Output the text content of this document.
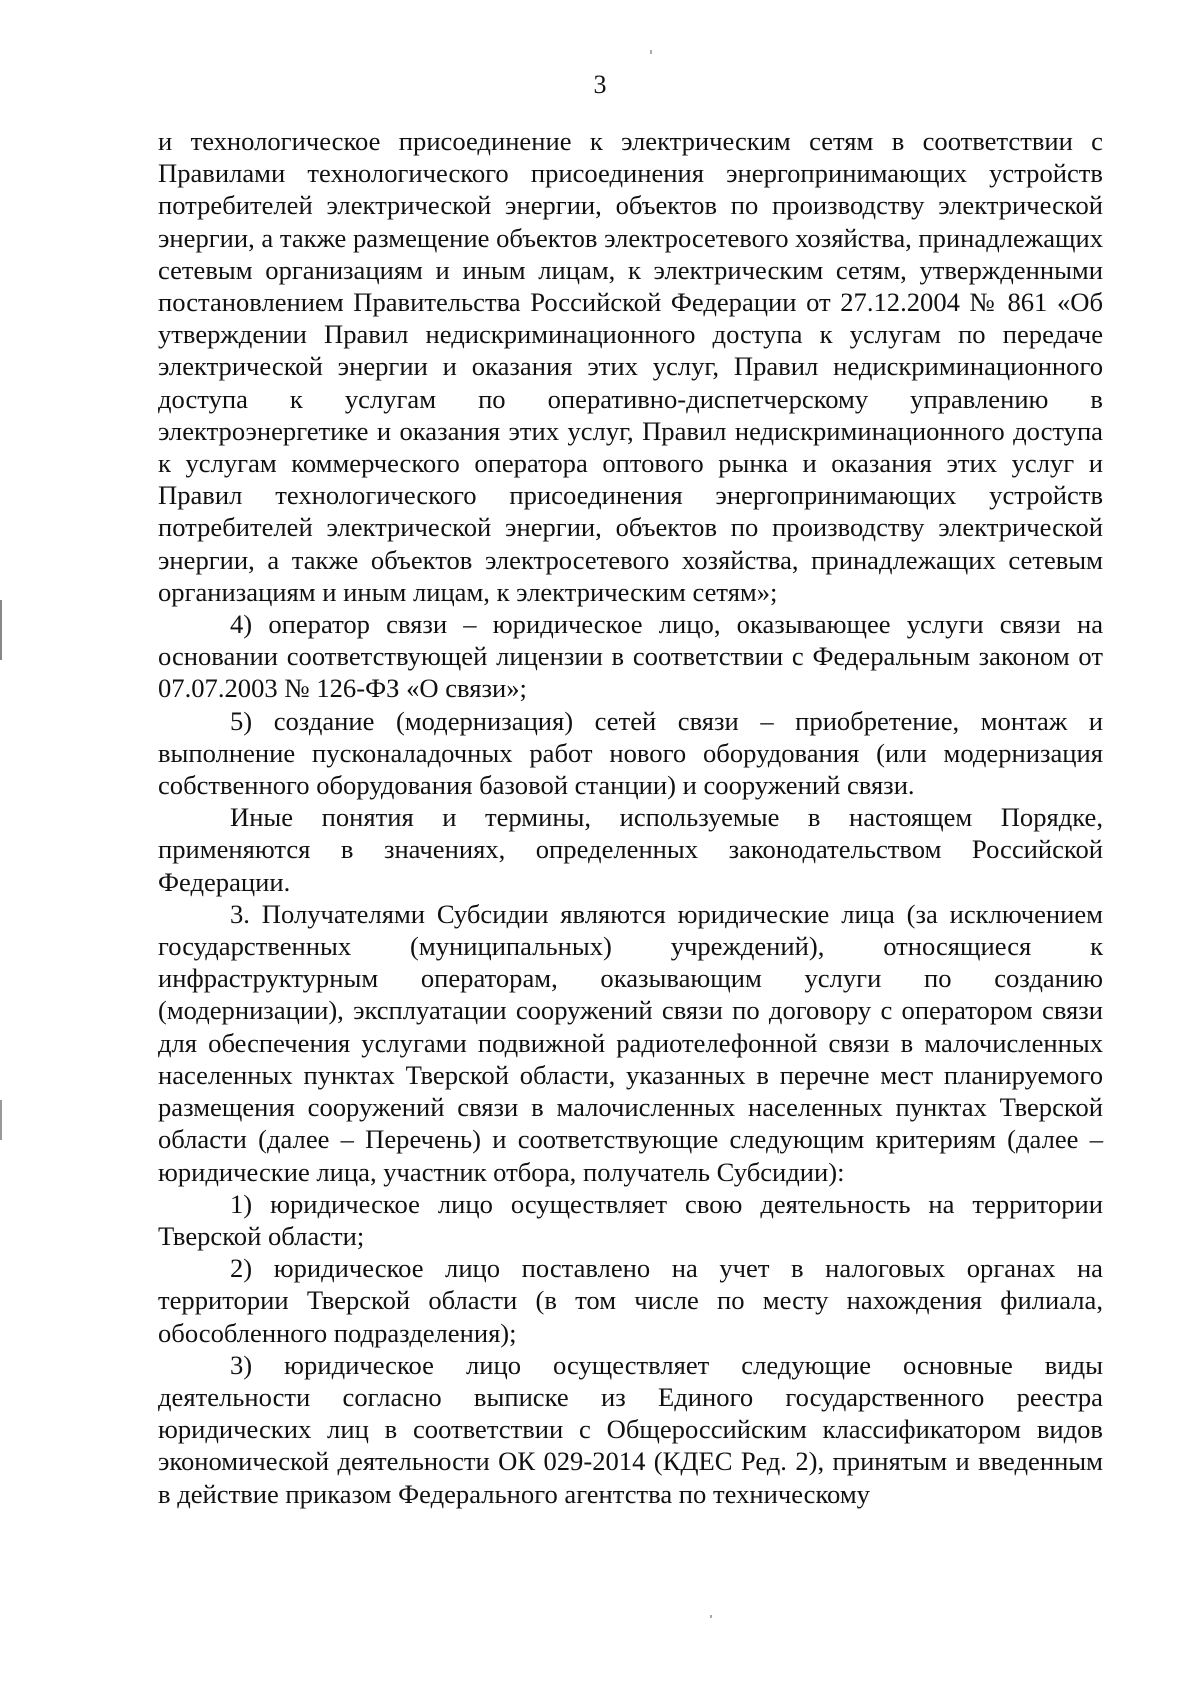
3

и технологическое присоединение к электрическим сетям в соответствии с Правилами технологического присоединения энергопринимающих устройств потребителей электрической энергии, объектов по производству электрической энергии, а также размещение объектов электросетевого хозяйства, принадлежащих сетевым организациям и иным лицам, к электрическим сетям, утвержденными постановлением Правительства Российской Федерации от 27.12.2004 № 861 «Об утверждении Правил недискриминационного доступа к услугам по передаче электрической энергии и оказания этих услуг, Правил недискриминационного доступа к услугам по оперативно-диспетчерскому управлению в электроэнергетике и оказания этих услуг, Правил недискриминационного доступа к услугам коммерческого оператора оптового рынка и оказания этих услуг и Правил технологического присоединения энергопринимающих устройств потребителей электрической энергии, объектов по производству электрической энергии, а также объектов электросетевого хозяйства, принадлежащих сетевым организациям и иным лицам, к электрическим сетям»;

4) оператор связи – юридическое лицо, оказывающее услуги связи на основании соответствующей лицензии в соответствии с Федеральным законом от 07.07.2003 № 126-ФЗ «О связи»;

5) создание (модернизация) сетей связи – приобретение, монтаж и выполнение пусконаладочных работ нового оборудования (или модернизация собственного оборудования базовой станции) и сооружений связи.

Иные понятия и термины, используемые в настоящем Порядке, применяются в значениях, определенных законодательством Российской Федерации.

3. Получателями Субсидии являются юридические лица (за исключением государственных (муниципальных) учреждений), относящиеся к инфраструктурным операторам, оказывающим услуги по созданию (модернизации), эксплуатации сооружений связи по договору с оператором связи для обеспечения услугами подвижной радиотелефонной связи в малочисленных населенных пунктах Тверской области, указанных в перечне мест планируемого размещения сооружений связи в малочисленных населенных пунктах Тверской области (далее – Перечень) и соответствующие следующим критериям (далее – юридические лица, участник отбора, получатель Субсидии):

1) юридическое лицо осуществляет свою деятельность на территории Тверской области;

2) юридическое лицо поставлено на учет в налоговых органах на территории Тверской области (в том числе по месту нахождения филиала, обособленного подразделения);

3) юридическое лицо осуществляет следующие основные виды деятельности согласно выписке из Единого государственного реестра юридических лиц в соответствии с Общероссийским классификатором видов экономической деятельности ОК 029-2014 (КДЕС Ред. 2), принятым и введенным в действие приказом Федерального агентства по техническому
